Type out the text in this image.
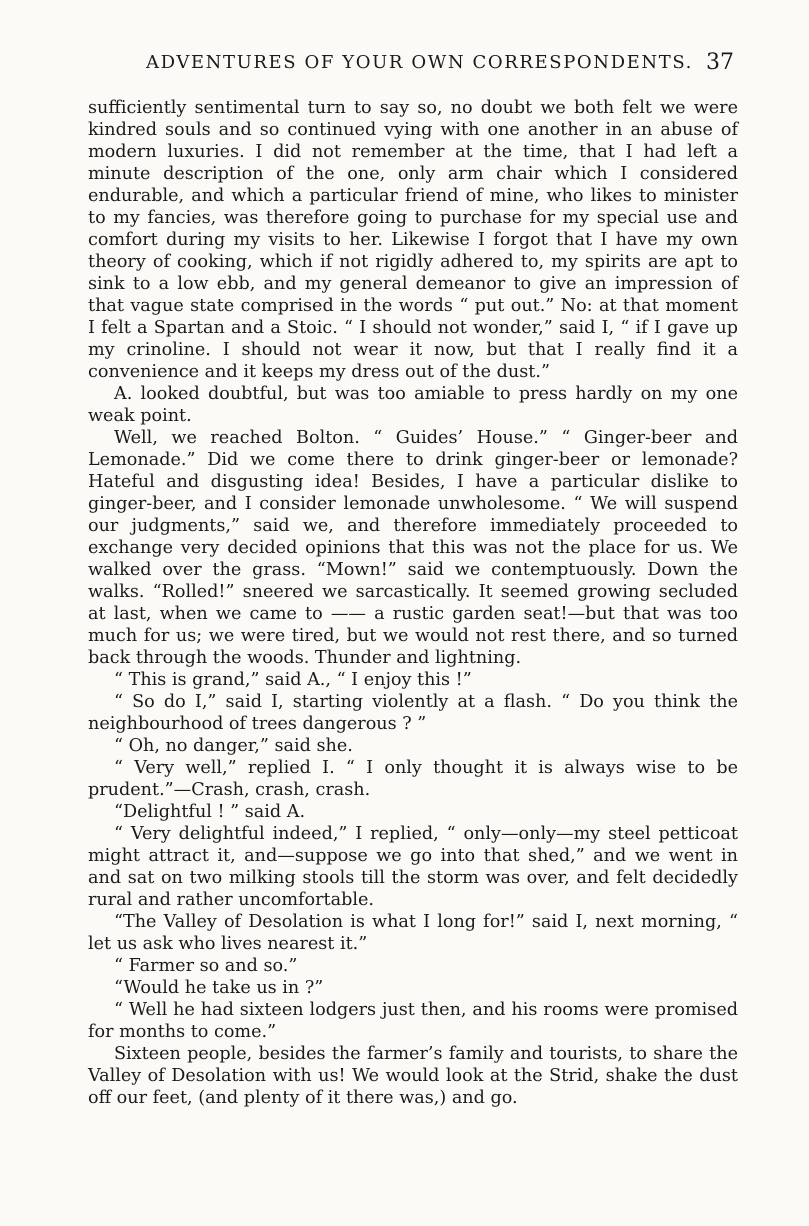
ADVENTURES OF YOUR OWN CORRESPONDENTS. 37

sufficiently sentimental turn to say so, no doubt we both felt we were kindred souls and so continued vying with one another in an abuse of modern luxuries. I did not remember at the time, that I had left a minute description of the one, only arm chair which I considered endurable, and which a particular friend of mine, who likes to minister to my fancies, was therefore going to purchase for my special use and comfort during my visits to her. Likewise I forgot that I have my own theory of cooking, which if not rigidly adhered to, my spirits are apt to sink to a low ebb, and my general demeanor to give an impression of that vague state comprised in the words “ put out.” No: at that moment I felt a Spartan and a Stoic. “ I should not wonder,” said I, “ if I gave up my crinoline. I should not wear it now, but that I really find it a convenience and it keeps my dress out of the dust.”

A. looked doubtful, but was too amiable to press hardly on my one weak point.

Well, we reached Bolton. “ Guides’ House.” “ Ginger-beer and Lemonade.” Did we come there to drink ginger-beer or lemonade? Hateful and disgusting idea! Besides, I have a particular dislike to ginger-beer, and I consider lemonade unwholesome. “ We will suspend our judgments,” said we, and therefore immediately proceeded to exchange very decided opinions that this was not the place for us. We walked over the grass. “Mown!” said we contemptuously. Down the walks. “Rolled!” sneered we sarcastically. It seemed growing secluded at last, when we came to —— a rustic garden seat!—but that was too much for us; we were tired, but we would not rest there, and so turned back through the woods. Thunder and lightning.

“ This is grand,” said A., “ I enjoy this !”

“ So do I,” said I, starting violently at a flash. “ Do you think the neighbourhood of trees dangerous ? ”

“ Oh, no danger,” said she.

“ Very well,” replied I. “ I only thought it is always wise to be prudent.”—Crash, crash, crash.

“Delightful ! ” said A.

“ Very delightful indeed,” I replied, “ only—only—my steel petticoat might attract it, and—suppose we go into that shed,” and we went in and sat on two milking stools till the storm was over, and felt decidedly rural and rather uncomfortable.

“The Valley of Desolation is what I long for!” said I, next morning, “ let us ask who lives nearest it.”

“ Farmer so and so.”

“Would he take us in ?”

“ Well he had sixteen lodgers just then, and his rooms were promised for months to come.”

Sixteen people, besides the farmer’s family and tourists, to share the Valley of Desolation with us! We would look at the Strid, shake the dust off our feet, (and plenty of it there was,) and go.
